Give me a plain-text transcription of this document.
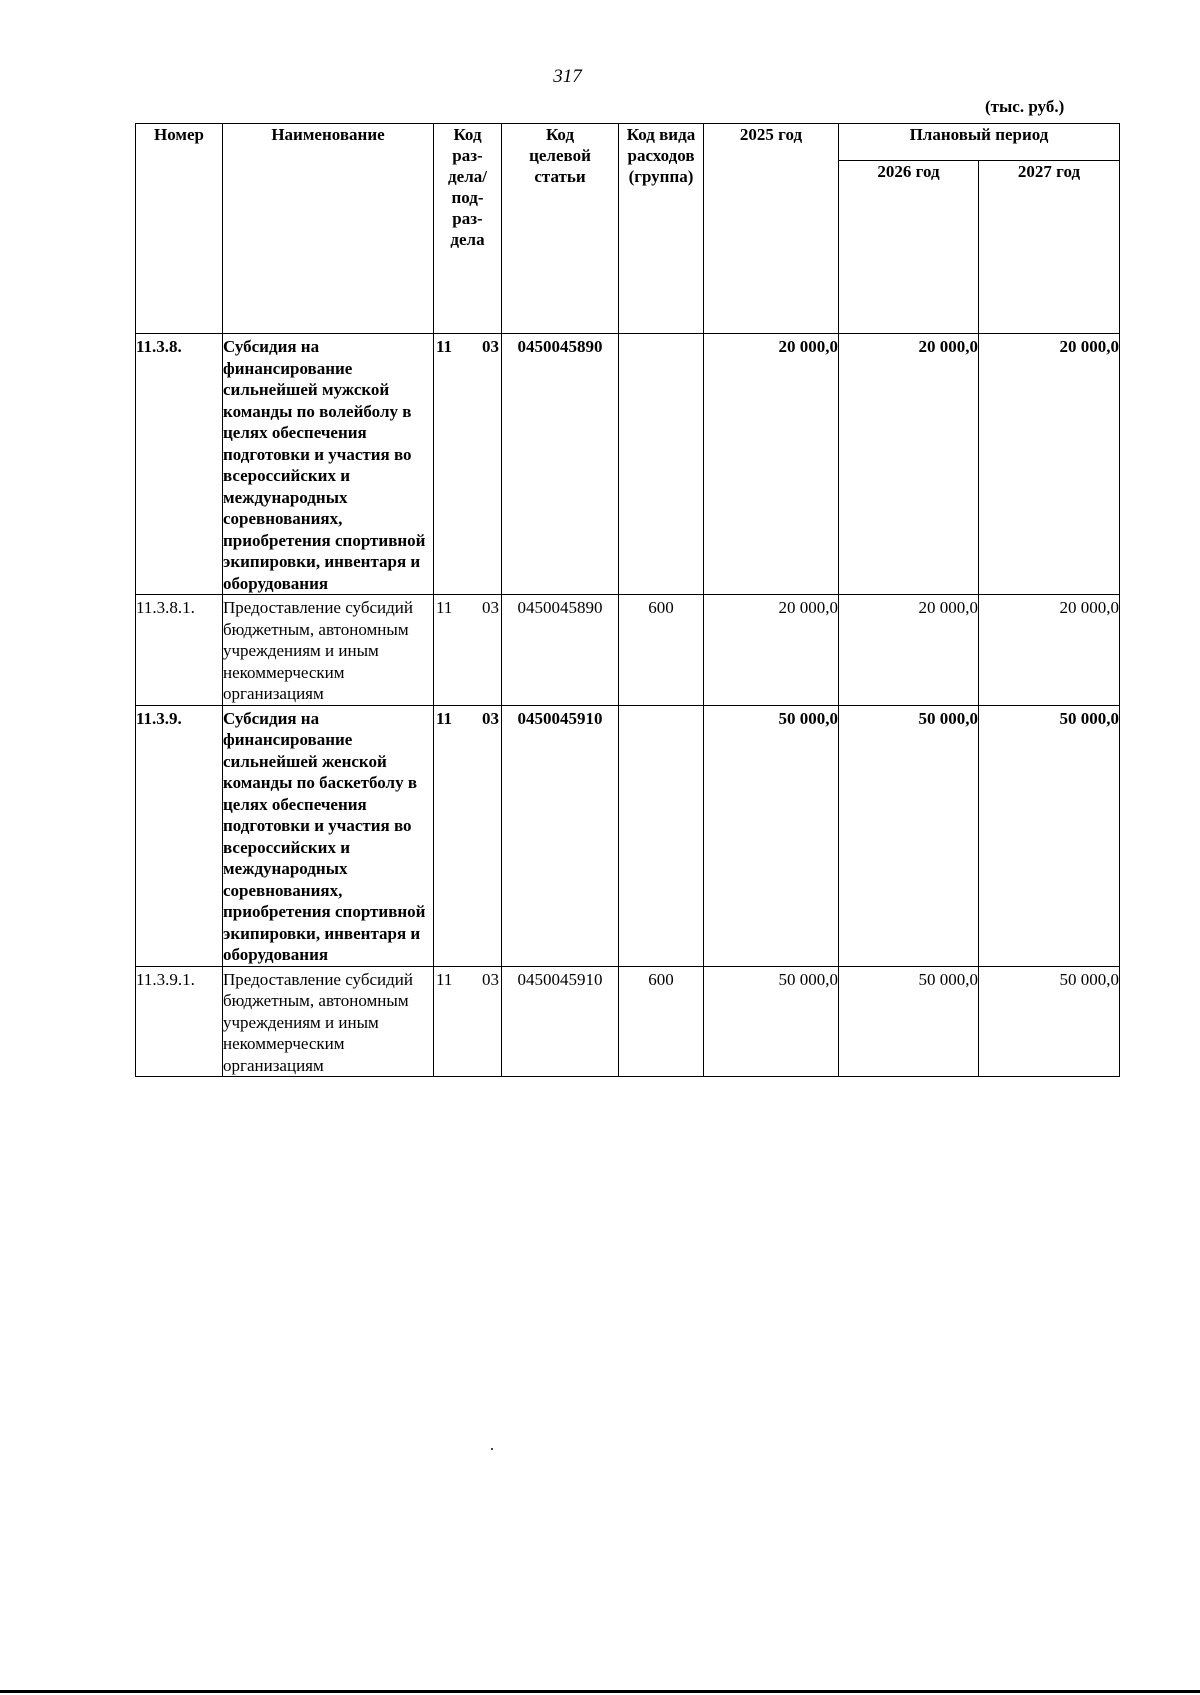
317
(тыс. руб.)
Номер	Наименование	Код раз- дела/ под- раз- дела	Код целевой статьи	Код вида расходов (группа)	2025 год	Плановый период	
						2026 год	2027 год
11.3.8.	Субсидия на финансирование сильнейшей мужской команды по волейболу в целях обеспечения подготовки и участия во всероссийских и международных соревнованиях, приобретения спортивной экипировки, инвентаря и оборудования	11 03	0450045890		20 000,0	20 000,0	20 000,0
11.3.8.1.	Предоставление субсидий бюджетным, автономным учреждениям и иным некоммерческим организациям	11 03	0450045890	600	20 000,0	20 000,0	20 000,0
11.3.9.	Субсидия на финансирование сильнейшей женской команды по баскетболу в целях обеспечения подготовки и участия во всероссийских и международных соревнованиях, приобретения спортивной экипировки, инвентаря и оборудования	11 03	0450045910		50 000,0	50 000,0	50 000,0
11.3.9.1.	Предоставление субсидий бюджетным, автономным учреждениям и иным некоммерческим организациям	11 03	0450045910	600	50 000,0	50 000,0	50 000,0
